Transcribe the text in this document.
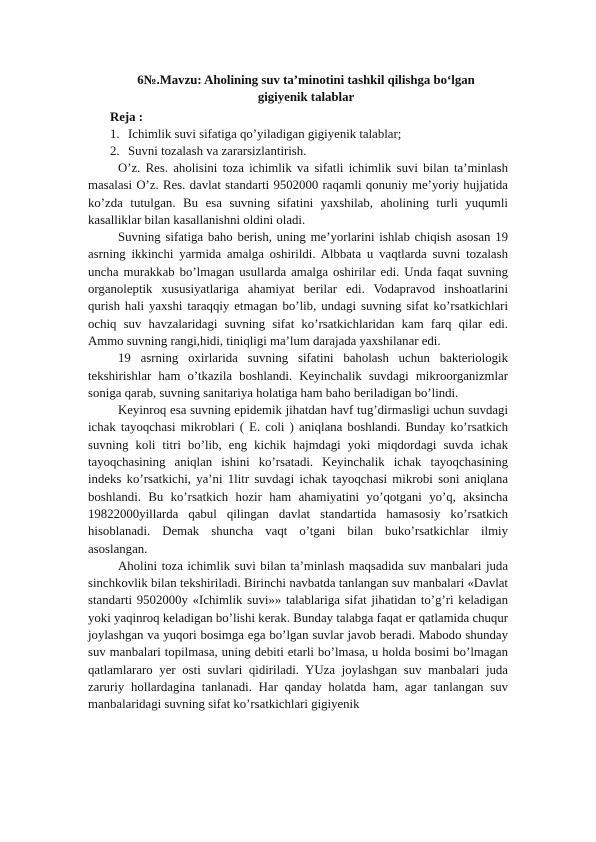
6№.Mavzu: Aholining suv ta’minotini tashkil qilishga bo‘lgan gigiyenik talablar
Reja :
1. Ichimlik suvi sifatiga qo’yiladigan gigiyenik talablar;
2. Suvni tozalash va zararsizlantirish.

O’z. Res. aholisini toza ichimlik va sifatli ichimlik suvi bilan ta’minlash masalasi O’z. Res. davlat standarti 9502000 raqamli qonuniy me’yoriy hujjatida ko’zda tutulgan. Bu esa suvning sifatini yaxshilab, aholining turli yuqumli kasalliklar bilan kasallanishni oldini oladi.

Suvning sifatiga baho berish, uning me’yorlarini ishlab chiqish asosan 19 asrning ikkinchi yarmida amalga oshirildi. Albbata u vaqtlarda suvni tozalash uncha murakkab bo’lmagan usullarda amalga oshirilar edi. Unda faqat suvning organoleptik xususiyatlariga ahamiyat berilar edi. Vodapravod inshoatlarini qurish hali yaxshi taraqqiy etmagan bo’lib, undagi suvning sifat ko’rsatkichlari ochiq suv havzalaridagi suvning sifat ko’rsatkichlaridan kam farq qilar edi. Ammo suvning rangi,hidi, tiniqligi ma’lum darajada yaxshilanar edi.

19 asrning oxirlarida suvning sifatini baholash uchun bakteriologik tekshirishlar ham o’tkazila boshlandi. Keyinchalik suvdagi mikroorganizmlar soniga qarab, suvning sanitariya holatiga ham baho beriladigan bo’lindi.

Keyinroq esa suvning epidemik jihatdan havf tug’dirmasligi uchun suvdagi ichak tayoqchasi mikroblari ( E. coli ) aniqlana boshlandi. Bunday ko’rsatkich suvning koli titri bo’lib, eng kichik hajmdagi yoki miqdordagi suvda ichak tayoqchasining aniqlan ishini ko’rsatadi. Keyinchalik ichak tayoqchasining indeks ko’rsatkichi, ya’ni 1litr suvdagi ichak tayoqchasi mikrobi soni aniqlana boshlandi. Bu ko’rsatkich hozir ham ahamiyatini yo’qotgani yo’q, aksincha 19822000yillarda qabul qilingan davlat standartida hamasosiy ko’rsatkich hisoblanadi. Demak shuncha vaqt o’tgani bilan buko’rsatkichlar ilmiy asoslangan.

Aholini toza ichimlik suvi bilan ta’minlash maqsadida suv manbalari juda sinchkovlik bilan tekshiriladi. Birinchi navbatda tanlangan suv manbalari «Davlat standarti 9502000y «Ichimlik suvi»» talablariga sifat jihatidan to’g’ri keladigan yoki yaqinroq keladigan bo’lishi kerak. Bunday talabga faqat er qatlamida chuqur joylashgan va yuqori bosimga ega bo’lgan suvlar javob beradi. Mabodo shunday suv manbalari topilmasa, uning debiti etarli bo’lmasa, u holda bosimi bo’lmagan qatlamlararo yer osti suvlari qidiriladi. YUza joylashgan suv manbalari juda zaruriy hollardagina tanlanadi. Har qanday holatda ham, agar tanlangan suv manbalaridagi suvning sifat ko’rsatkichlari gigiyenik
